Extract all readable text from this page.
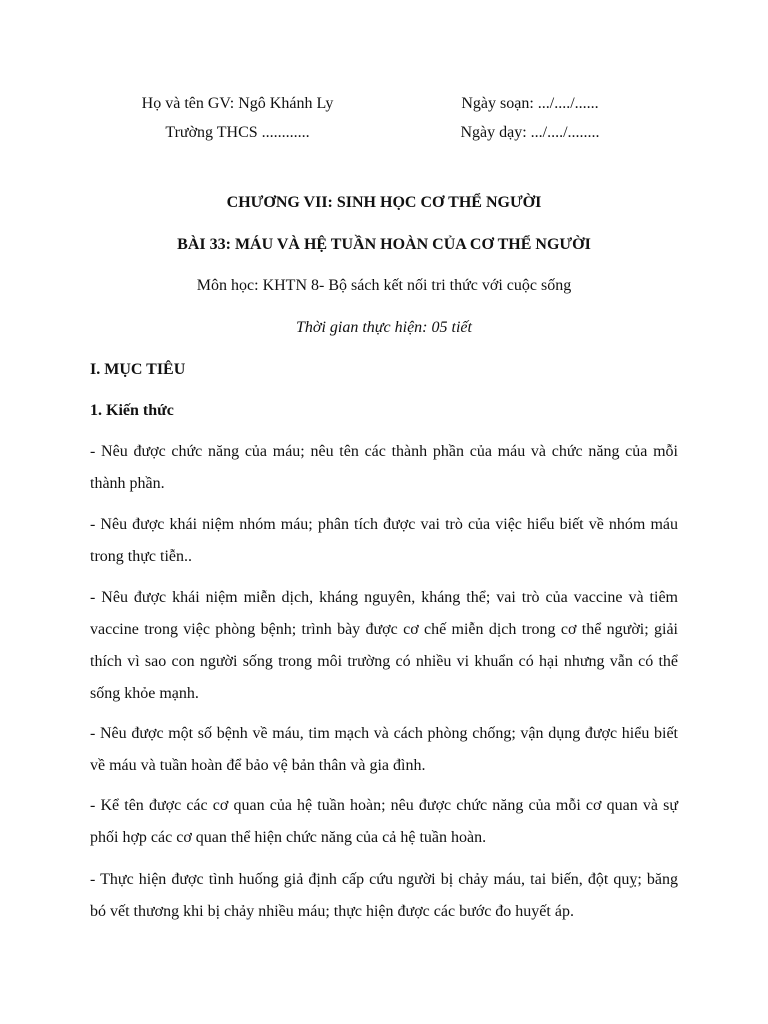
Họ và tên GV: Ngô Khánh Ly	Ngày soạn: .../..../......
Trường THCS ............	Ngày dạy: .../..../........
CHƯƠNG VII: SINH HỌC CƠ THỂ NGƯỜI
BÀI 33: MÁU VÀ HỆ TUẦN HOÀN CỦA CƠ THỂ NGƯỜI
Môn học: KHTN 8- Bộ sách kết nối tri thức với cuộc sống
Thời gian thực hiện: 05 tiết
I. MỤC TIÊU
1. Kiến thức
- Nêu được chức năng của máu; nêu tên các thành phần của máu và chức năng của mỗi thành phần.
- Nêu được khái niệm nhóm máu; phân tích được vai trò của việc hiểu biết về nhóm máu trong thực tiễn..
- Nêu được khái niệm miễn dịch, kháng nguyên, kháng thể; vai trò của vaccine và tiêm vaccine trong việc phòng bệnh; trình bày được cơ chế miễn dịch trong cơ thể người; giải thích vì sao con người sống trong môi trường có nhiều vi khuẩn có hại nhưng vẫn có thể sống khỏe mạnh.
- Nêu được một số bệnh về máu, tim mạch và cách phòng chống; vận dụng được hiểu biết về máu và tuần hoàn để bảo vệ bản thân và gia đình.
- Kể tên được các cơ quan của hệ tuần hoàn; nêu được chức năng của mỗi cơ quan và sự phối hợp các cơ quan thể hiện chức năng của cả hệ tuần hoàn.
- Thực hiện được tình huống giả định cấp cứu người bị chảy máu, tai biến, đột quỵ; băng bó vết thương khi bị chảy nhiều máu; thực hiện được các bước đo huyết áp.
